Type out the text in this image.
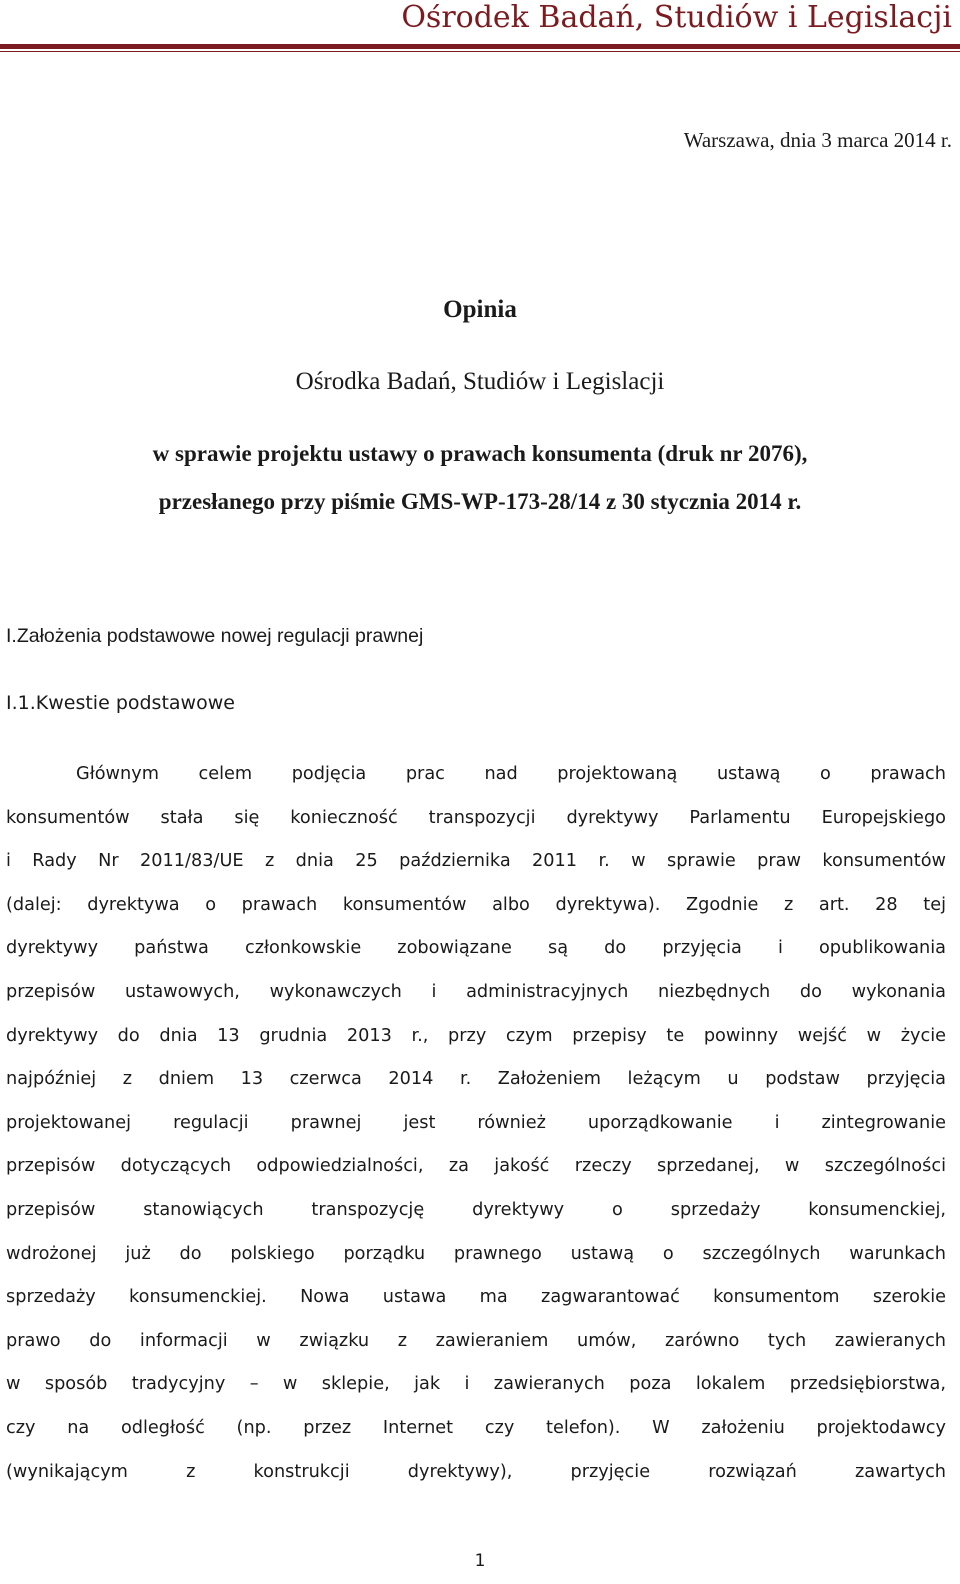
Ośrodek Badań, Studiów i Legislacji
Warszawa, dnia 3 marca 2014 r.
Opinia
Ośrodka Badań, Studiów i Legislacji
w sprawie projektu ustawy o prawach konsumenta (druk nr 2076),
przesłanego przy piśmie GMS-WP-173-28/14 z 30 stycznia 2014 r.
I.Założenia podstawowe nowej regulacji prawnej
I.1.Kwestie podstawowe
Głównym celem podjęcia prac nad projektowaną ustawą o prawach
konsumentów stała się konieczność transpozycji dyrektywy Parlamentu Europejskiego
i Rady Nr 2011/83/UE z dnia 25 października 2011 r. w sprawie praw konsumentów
(dalej: dyrektywa o prawach konsumentów albo dyrektywa). Zgodnie z art. 28 tej
dyrektywy państwa członkowskie zobowiązane są do przyjęcia i opublikowania
przepisów ustawowych, wykonawczych i administracyjnych niezbędnych do wykonania
dyrektywy do dnia 13 grudnia 2013 r., przy czym przepisy te powinny wejść w życie
najpóźniej z dniem 13 czerwca 2014 r. Założeniem leżącym u podstaw przyjęcia
projektowanej regulacji prawnej jest również uporządkowanie i zintegrowanie
przepisów dotyczących odpowiedzialności, za jakość rzeczy sprzedanej, w szczególności
przepisów stanowiących transpozycję dyrektywy o sprzedaży konsumenckiej,
wdrożonej już do polskiego porządku prawnego ustawą o szczególnych warunkach
sprzedaży konsumenckiej. Nowa ustawa ma zagwarantować konsumentom szerokie
prawo do informacji w związku z zawieraniem umów, zarówno tych zawieranych
w sposób tradycyjny – w sklepie, jak i zawieranych poza lokalem przedsiębiorstwa,
czy na odległość (np. przez Internet czy telefon). W założeniu projektodawcy
(wynikającym z konstrukcji dyrektywy), przyjęcie rozwiązań zawartych
1
